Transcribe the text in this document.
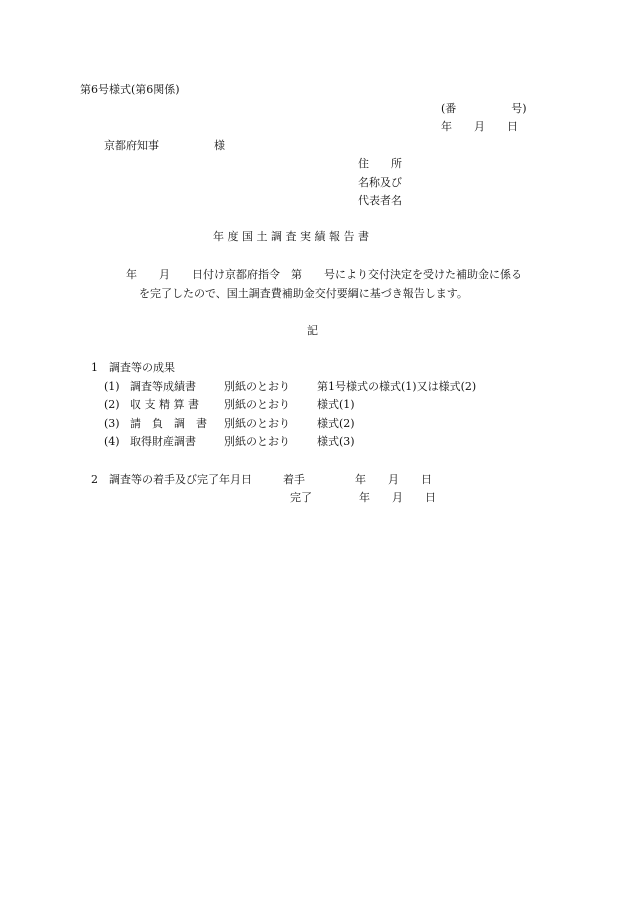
第6号様式(第6関係)
(番　　　　　号)
年　　月　　日
京都府知事　　　　　様
住　　所
名称及び
代表者名
年 度 国 土 調 査 実 績 報 告 書
年　　月　　日付け京都府指令　第　　号により交付決定を受けた補助金に係る
を完了したので、国土調査費補助金交付要綱に基づき報告します。
記
1　調査等の成果
(1) 調査等成績書	別紙のとおり 第1号様式の様式(1)又は様式(2)
(2) 収 支 精 算 書 別紙のとおり 様式(1)
(3) 請　負　調　書 別紙のとおり 様式(2)
(4) 取得財産調書	別紙のとおり 様式(3)
2　調査等の着手及び完了年月日	着手	年　　月　　日
完了	年　　月　　日
